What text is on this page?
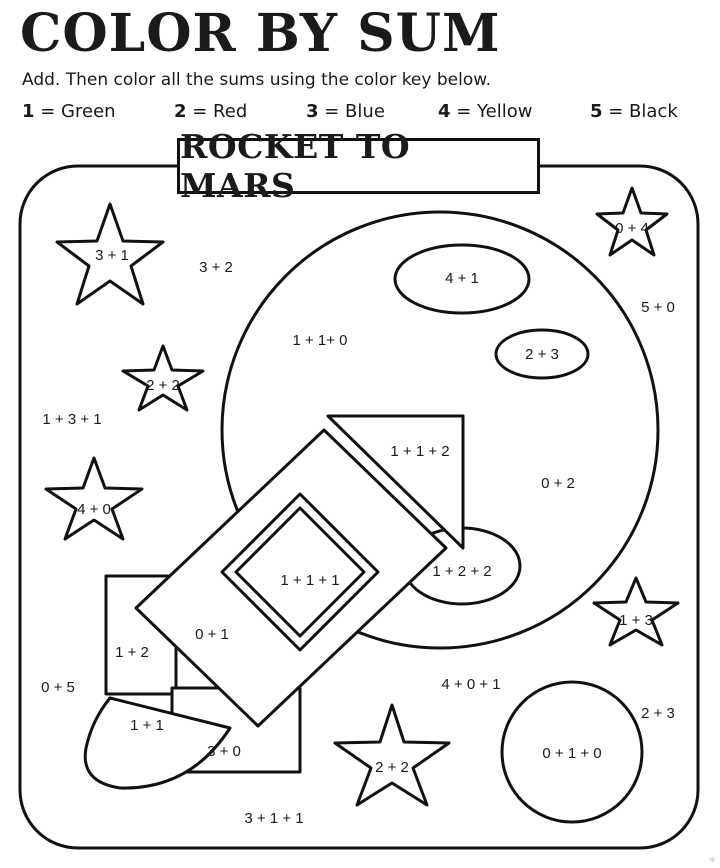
COLOR BY SUM
Add. Then color all the sums using the color key below.
1 = Green	2 = Red	3 = Blue	4 = Yellow	5 = Black
3 + 1
3 + 2
4 + 1
0 + 4
5 + 0
1 + 1+ 0
2 + 3
2 + 2
1 + 3 + 1
1 + 1 + 2
0 + 2
4 + 0
1 + 1 + 1
1 + 2 + 2
1 + 3
0 + 1
1 + 2
0 + 5	4 + 0 + 1
2 + 3
1 + 1
3 + 0
2 + 2
0 + 1 + 0
3 + 1 + 1
ROCKET TO MARS
✳
